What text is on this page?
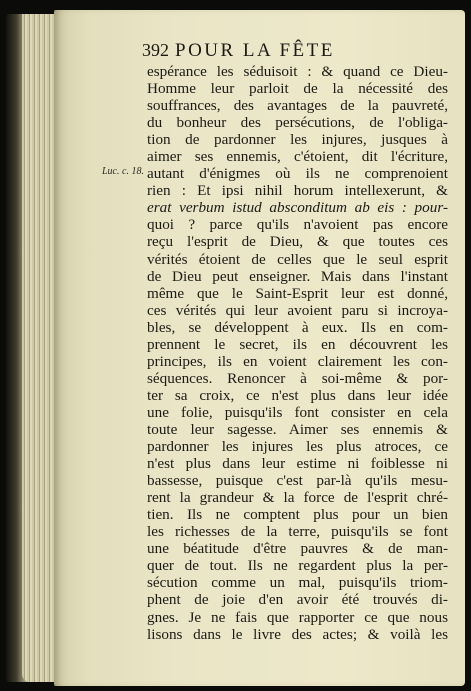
392 POUR LA FÊTE
Luc. c. 18.
espérance les séduisoit : & quand ce Dieu-
Homme leur parloit de la nécessité des
souffrances, des avantages de la pauvreté,
du bonheur des persécutions, de l'obliga-
tion de pardonner les injures, jusques à
aimer ses ennemis, c'étoient, dit l'écriture,
autant d'énigmes où ils ne comprenoient
rien : Et ipsi nihil horum intellexerunt, &
erat verbum istud absconditum ab eis : pour-
quoi ? parce qu'ils n'avoient pas encore
reçu l'esprit de Dieu, & que toutes ces
vérités étoient de celles que le seul esprit
de Dieu peut enseigner. Mais dans l'instant
même que le Saint-Esprit leur est donné,
ces vérités qui leur avoient paru si incroya-
bles, se développent à eux. Ils en com-
prennent le secret, ils en découvrent les
principes, ils en voient clairement les con-
séquences. Renoncer à soi-même & por-
ter sa croix, ce n'est plus dans leur idée
une folie, puisqu'ils font consister en cela
toute leur sagesse. Aimer ses ennemis &
pardonner les injures les plus atroces, ce
n'est plus dans leur estime ni foiblesse ni
bassesse, puisque c'est par-là qu'ils mesu-
rent la grandeur & la force de l'esprit chré-
tien. Ils ne comptent plus pour un bien
les richesses de la terre, puisqu'ils se font
une béatitude d'être pauvres & de man-
quer de tout. Ils ne regardent plus la per-
sécution comme un mal, puisqu'ils triom-
phent de joie d'en avoir été trouvés di-
gnes. Je ne fais que rapporter ce que nous
lisons dans le livre des actes; & voilà les
